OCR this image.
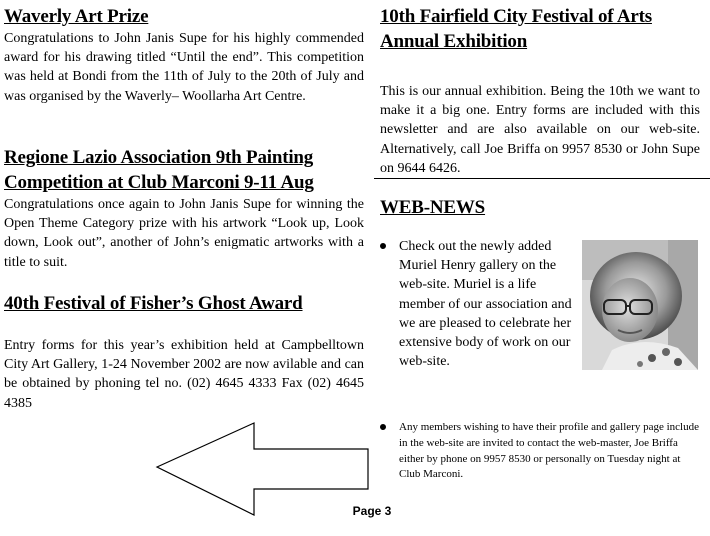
Waverly Art Prize

Congratulations to John Janis Supe for his highly commended award for his drawing titled “Until the end”. This competition was held at Bondi from the 11th of July to the 20th of July and was organised by the Waverly– Woollarha Art Centre.

Regione Lazio Association 9th Painting
Competition at Club Marconi 9-11 Aug

Congratulations once again to John Janis Supe for winning the Open Theme Category prize with his artwork “Look up, Look down, Look out”, another of John’s enigmatic artworks with a title to suit.

40th Festival of Fisher’s Ghost Award

Entry forms for this year’s exhibition held at Campbelltown City Art Gallery, 1-24 November 2002 are now avilable and can be obtained by phoning tel no. (02) 4645 4333 Fax (02) 4645 4385

10th Fairfield City Festival of Arts
Annual Exhibition

This is our annual exhibition. Being the 10th we want to make it a big one. Entry forms are included with this newsletter and are also available on our web-site. Alternatively, call Joe Briffa on 9957 8530 or John Supe on 9644 6426.

WEB-NEWS

Check out the newly added Muriel Henry gallery on the web-site. Muriel is a life member of our association and we are pleased to celebrate her extensive body of work on our web-site.

Any members wishing to have their profile and gallery page include in the web-site are invited to contact the web-master, Joe Briffa either by phone on 9957 8530 or personally on Tuesday night at Club Marconi.

Page 3
